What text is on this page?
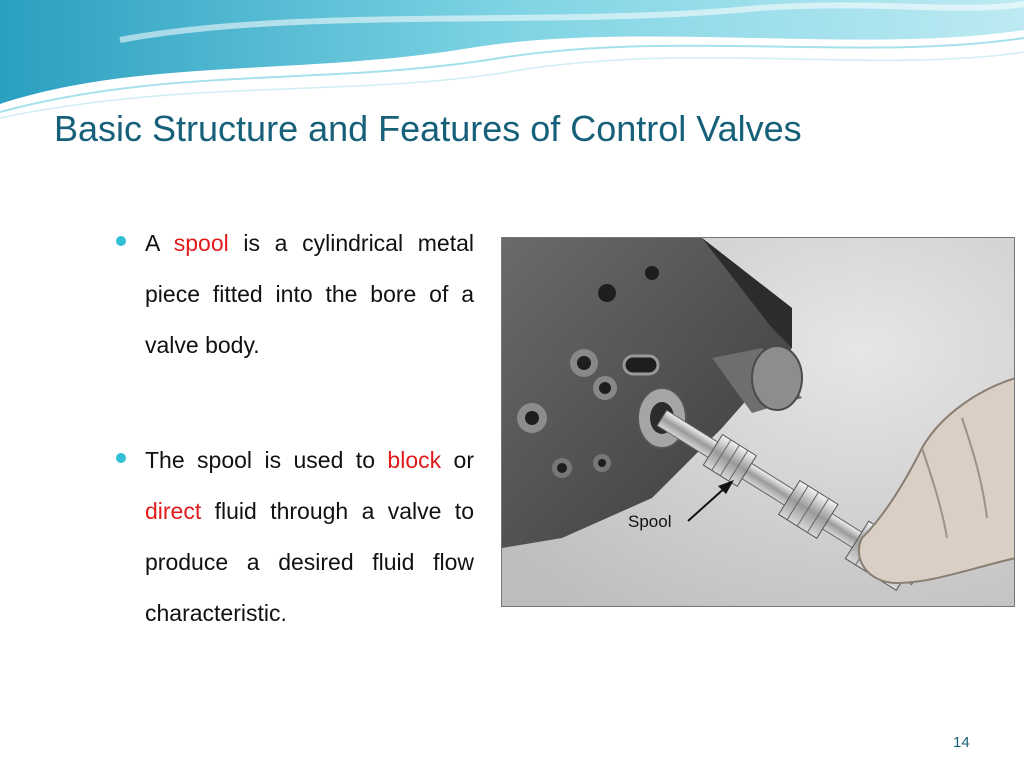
Basic Structure and Features of Control Valves
A spool is a cylindrical metal piece fitted into the bore of a valve body.
The spool is used to block or direct fluid through a valve to produce a desired fluid flow characteristic.
Spool
14
